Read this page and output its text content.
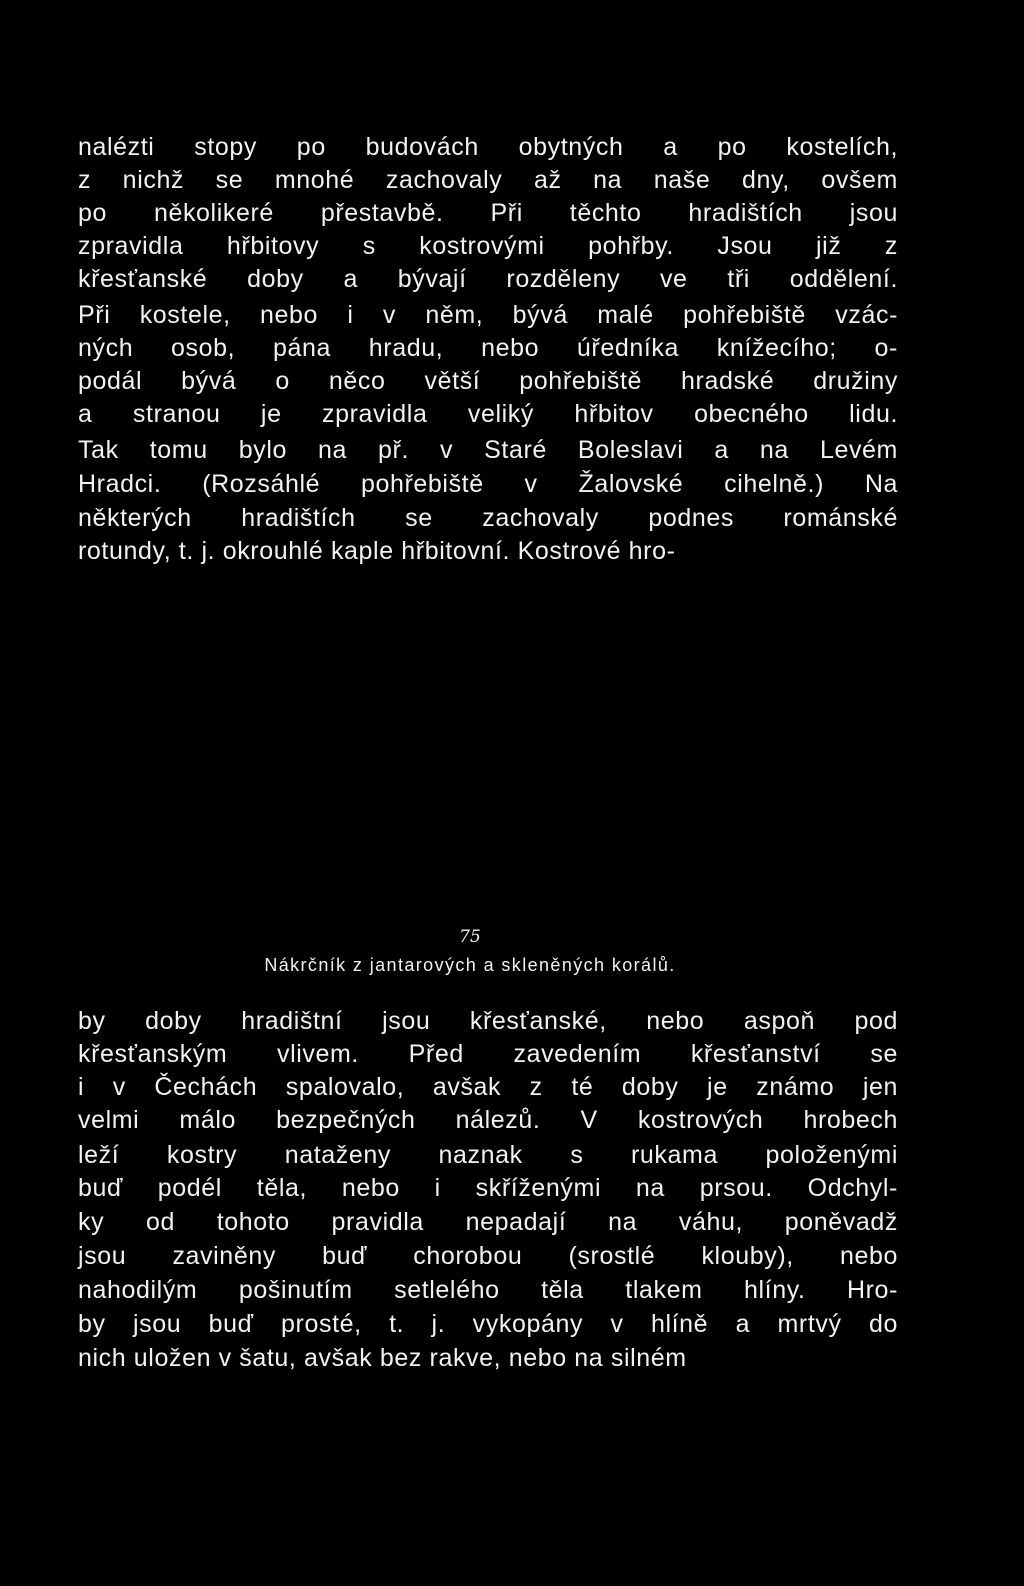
nalézti stopy po budovách obytných a po kostelích,
z nichž se mnohé zachovaly až na naše dny, ovšem
po několikeré přestavbě. Při těchto hradištích jsou
zpravidla hřbitovy s kostrovými pohřby. Jsou již z
křesťanské doby a bývají rozděleny ve tři oddělení.
Při kostele, nebo i v něm, bývá malé pohřebiště vzác-
ných osob, pána hradu, nebo úředníka knížecího; o-
podál bývá o něco větší pohřebiště hradské družiny
a stranou je zpravidla veliký hřbitov obecného lidu.
Tak tomu bylo na př. v Staré Boleslavi a na Levém
Hradci. (Rozsáhlé pohřebiště v Žalovské cihelně.) Na
některých hradištích se zachovaly podnes románské
rotundy, t. j. okrouhlé kaple hřbitovní. Kostrové hro-
75
Nákrčník z jantarových a skleněných korálů.
by doby hradištní jsou křesťanské, nebo aspoň pod
křesťanským vlivem. Před zavedením křesťanství se
i v Čechách spalovalo, avšak z té doby je známo jen
velmi málo bezpečných nálezů. V kostrových hrobech
leží kostry nataženy naznak s rukama položenými
buď podél těla, nebo i skříženými na prsou. Odchyl-
ky od tohoto pravidla nepadají na váhu, poněvadž
jsou zaviněny buď chorobou (srostlé klouby), nebo
nahodilým pošinutím setlelého těla tlakem hlíny. Hro-
by jsou buď prosté, t. j. vykopány v hlíně a mrtvý do
nich uložen v šatu, avšak bez rakve, nebo na silném
